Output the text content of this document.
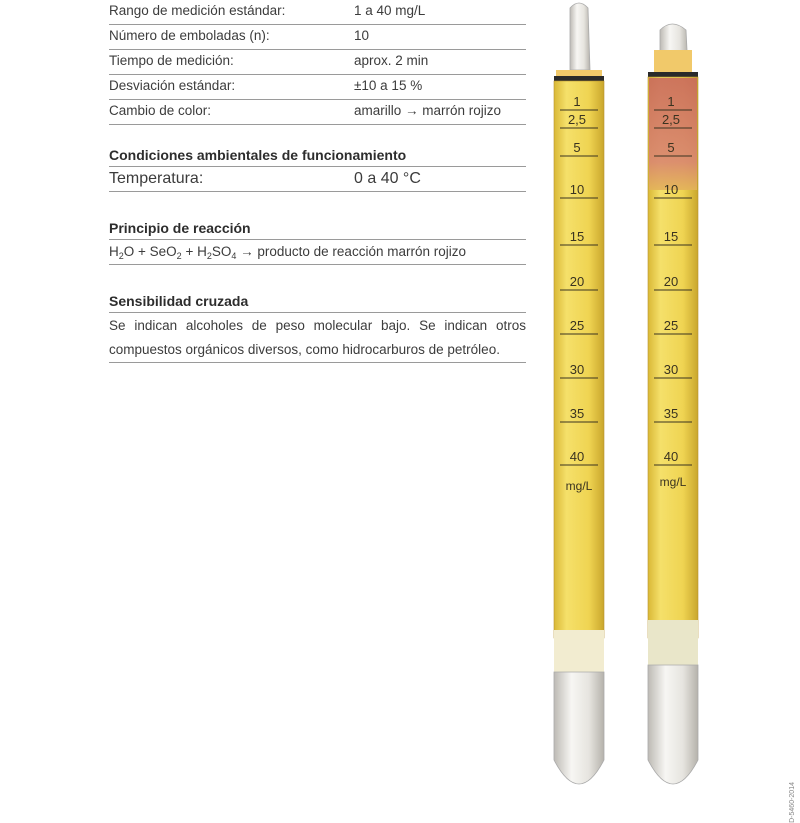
Rango de medición estándar:	1 a 40 mg/L
Número de emboladas (n):	10
Tiempo de medición:	aprox. 2 min
Desviación estándar:	±10 a 15 %
Cambio de color:	amarillo → marrón rojizo
Condiciones ambientales de funcionamiento
Temperatura:	0 a 40 °C
Principio de reacción
$H_2O + SeO_2 + H_2SO_4$ → producto de reacción marrón rojizo
Sensibilidad cruzada
Se indican alcoholes de peso molecular bajo. Se indican otros compuestos orgánicos diversos, como hidrocarburos de petróleo.
1
2,5
5
10
15
20
25
30
35
40
mg/L
1
2,5
5
10
15
20
25
30
35
40
mg/L
D-5460-2014
